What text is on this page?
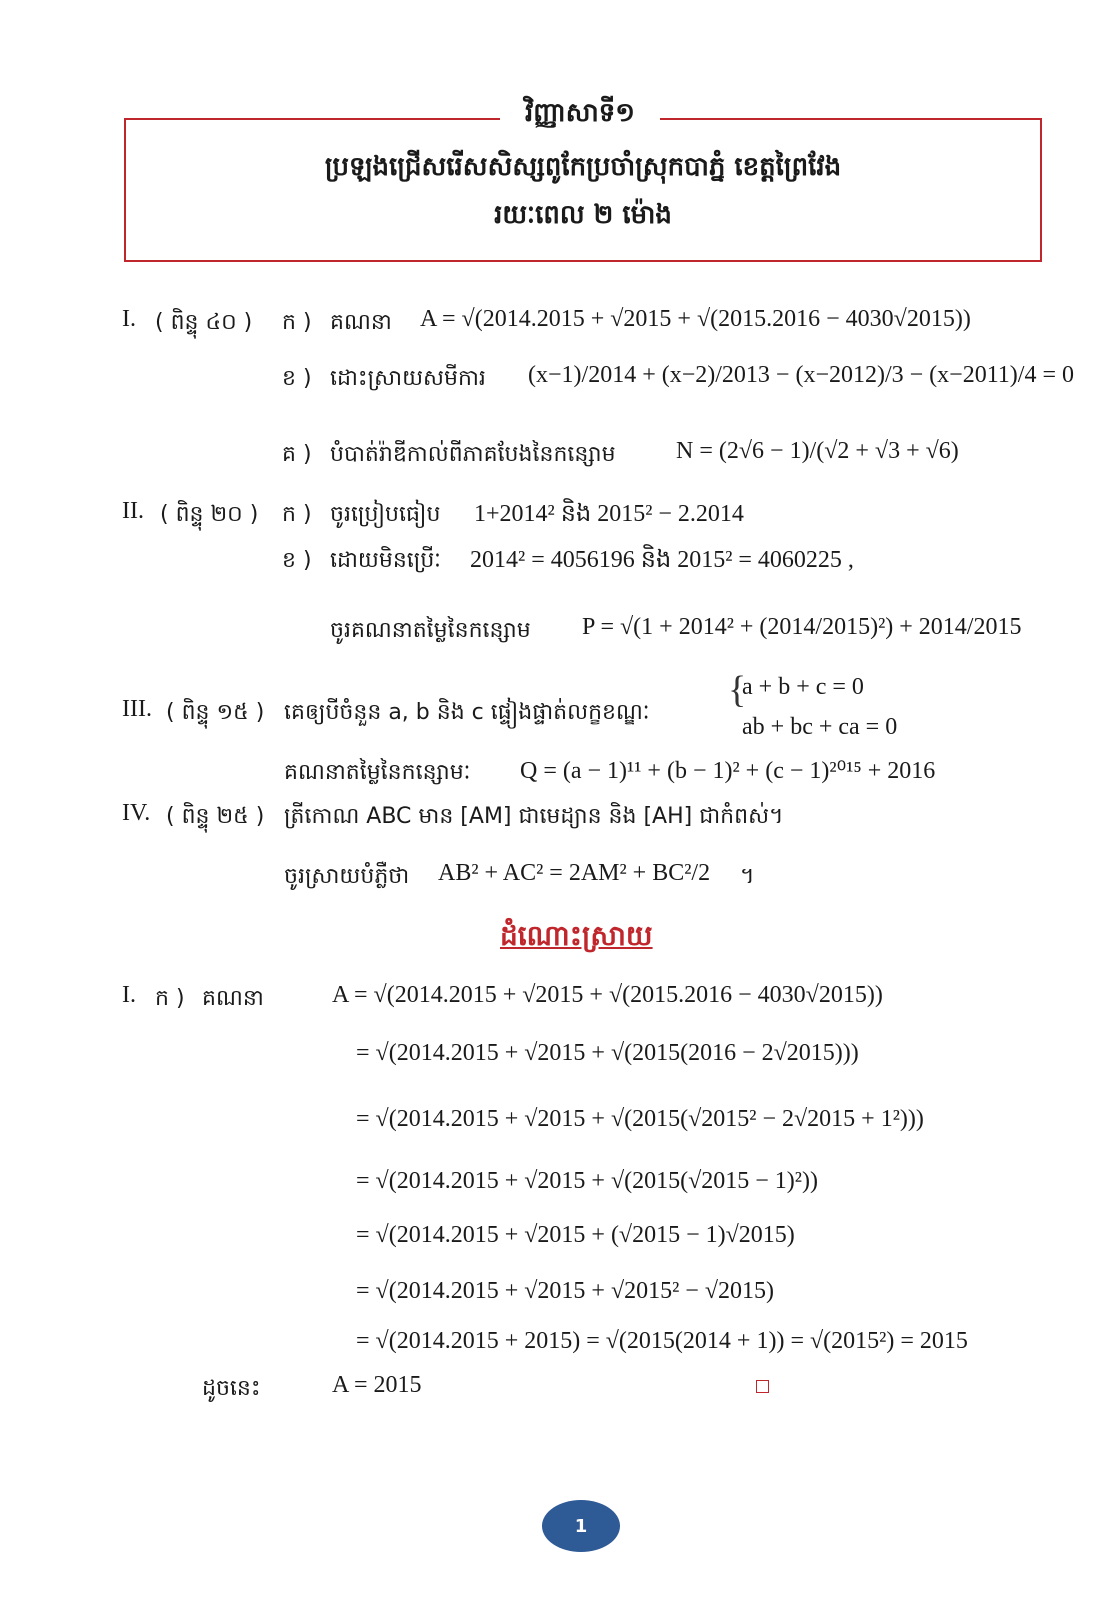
វិញ្ញាសាទី១
ប្រឡងជ្រើសរើសសិស្សពូកែប្រចាំស្រុកបាភ្នំ ខេត្តព្រៃវែង
រយៈពេល ២ ម៉ោង
I. ( ពិន្ទុ ៤០ ) ក ) គណនា A = √(2014.2015 + √2015 + √(2015.2016 − 4030√2015))
ខ ) ដោះស្រាយសមីការ (x−1)/2014 + (x−2)/2013 − (x−2012)/3 − (x−2011)/4 = 0
គ ) បំបាត់រ៉ាឌីកាល់ពីភាគបែងនៃកន្សោម	N = (2√6 − 1)/(√2 + √3 + √6)
II. ( ពិន្ទុ ២០ ) ក ) ចូរប្រៀបធៀប 1+2014² និង 2015² − 2.2014
ខ ) ដោយមិនប្រើៈ 2014² = 4056196 និង 2015² = 4060225 ,
ចូរគណនាតម្លៃនៃកន្សោម P = √(1 + 2014² + (2014/2015)²) + 2014/2015
III. ( ពិន្ទុ ១៥ ) គេឲ្យបីចំនួន a, b និង c ផ្ទៀងផ្ទាត់លក្ខខណ្ឌៈ
{
a + b + c = 0
ab + bc + ca = 0
គណនាតម្លៃនៃកន្សោមៈ Q = (a − 1)¹¹ + (b − 1)² + (c − 1)²⁰¹⁵ + 2016
IV. ( ពិន្ទុ ២៥ ) ត្រីកោណ ABC មាន [AM] ជាមេដ្យាន និង [AH] ជាកំពស់។
ចូរស្រាយបំភ្លឺថា AB² + AC² = 2AM² + BC²/2 ។
ដំណោះស្រាយ
I. ក ) គណនា	A = √(2014.2015 + √2015 + √(2015.2016 − 4030√2015))
= √(2014.2015 + √2015 + √(2015(2016 − 2√2015)))
= √(2014.2015 + √2015 + √(2015(√2015² − 2√2015 + 1²)))
= √(2014.2015 + √2015 + √(2015(√2015 − 1)²))
= √(2014.2015 + √2015 + (√2015 − 1)√2015)
= √(2014.2015 + √2015 + √2015² − √2015)
= √(2014.2015 + 2015) = √(2015(2014 + 1)) = √(2015²) = 2015
ដូចនេះ	A = 2015
1
